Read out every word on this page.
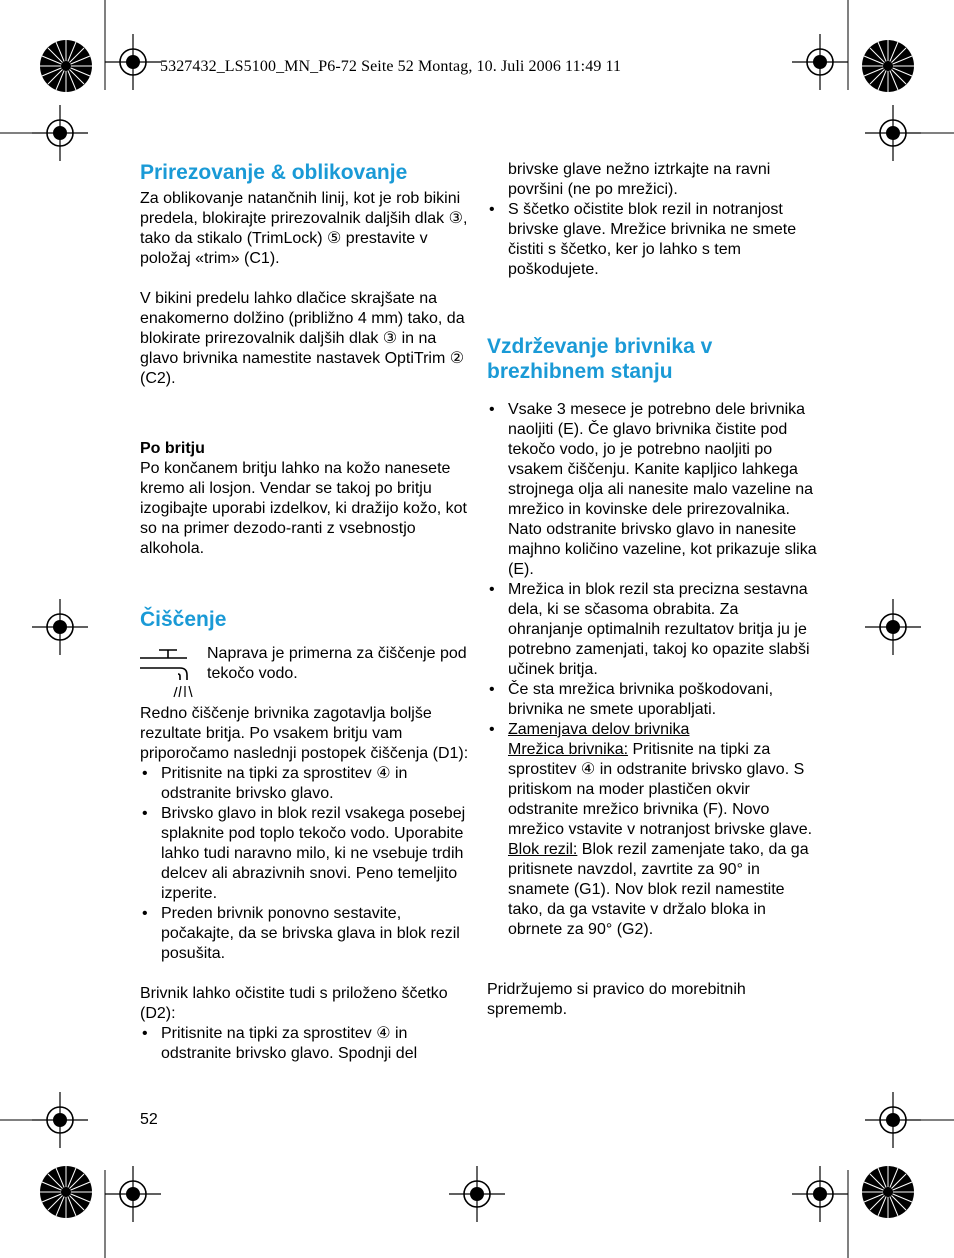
5327432_LS5100_MN_P6-72 Seite 52 Montag, 10. Juli 2006 11:49 11
Prirezovanje & oblikovanje

Za oblikovanje natančnih linij, kot je rob bikini predela, blokirajte prirezovalnik daljših dlak ③, tako da stikalo (TrimLock) ⑤ prestavite v položaj «trim» (C1).

V bikini predelu lahko dlačice skrajšate na enakomerno dolžino (približno 4 mm) tako, da blokirate prirezovalnik daljših dlak ③ in na glavo brivnika namestite nastavek OptiTrim ② (C2).

Po britju

Po končanem britju lahko na kožo nanesete kremo ali losjon. Vendar se takoj po britju izogibajte uporabi izdelkov, ki dražijo kožo, kot so na primer dezodo-ranti z vsebnostjo alkohola.

Čiščenje

Naprava je primerna za čiščenje pod tekočo vodo.

Redno čiščenje brivnika zagotavlja boljše rezultate britja. Po vsakem britju vam priporočamo naslednji postopek čiščenja (D1):

• Pritisnite na tipki za sprostitev ④ in odstranite brivsko glavo.
• Brivsko glavo in blok rezil vsakega posebej splaknite pod toplo tekočo vodo. Uporabite lahko tudi naravno milo, ki ne vsebuje trdih delcev ali abrazivnih snovi. Peno temeljito izperite.
• Preden brivnik ponovno sestavite, počakajte, da se brivska glava in blok rezil posušita.

Brivnik lahko očistite tudi s priloženo ščetko (D2):

• Pritisnite na tipki za sprostitev ④ in odstranite brivsko glavo. Spodnji del

brivske glave nežno iztrkajte na ravni površini (ne po mrežici).

• S ščetko očistite blok rezil in notranjost brivske glave. Mrežice brivnika ne smete čistiti s ščetko, ker jo lahko s tem poškodujete.
Vzdrževanje brivnika v brezhibnem stanju
• Vsake 3 mesece je potrebno dele brivnika naoljiti (E). Če glavo brivnika čistite pod tekočo vodo, jo je potrebno naoljiti po vsakem čiščenju. Kanite kapljico lahkega strojnega olja ali nanesite malo vazeline na mrežico in kovinske dele prirezovalnika. Nato odstranite brivsko glavo in nanesite majhno količino vazeline, kot prikazuje slika (E).
• Mrežica in blok rezil sta precizna sestavna dela, ki se sčasoma obrabita. Za ohranjanje optimalnih rezultatov britja ju je potrebno zamenjati, takoj ko opazite slabši učinek britja.
• Če sta mrežica brivnika poškodovani, brivnika ne smete uporabljati.
• Zamenjava delov brivnika
Mrežica brivnika: Pritisnite na tipki za sprostitev ④ in odstranite brivsko glavo. S pritiskom na moder plastičen okvir odstranite mrežico brivnika (F). Novo mrežico vstavite v notranjost brivske glave.
Blok rezil: Blok rezil zamenjate tako, da ga pritisnete navzdol, zavrtite za 90° in snamete (G1). Nov blok rezil namestite tako, da ga vstavite v držalo bloka in obrnete za 90° (G2).

Pridržujemo si pravico do morebitnih sprememb.

52
